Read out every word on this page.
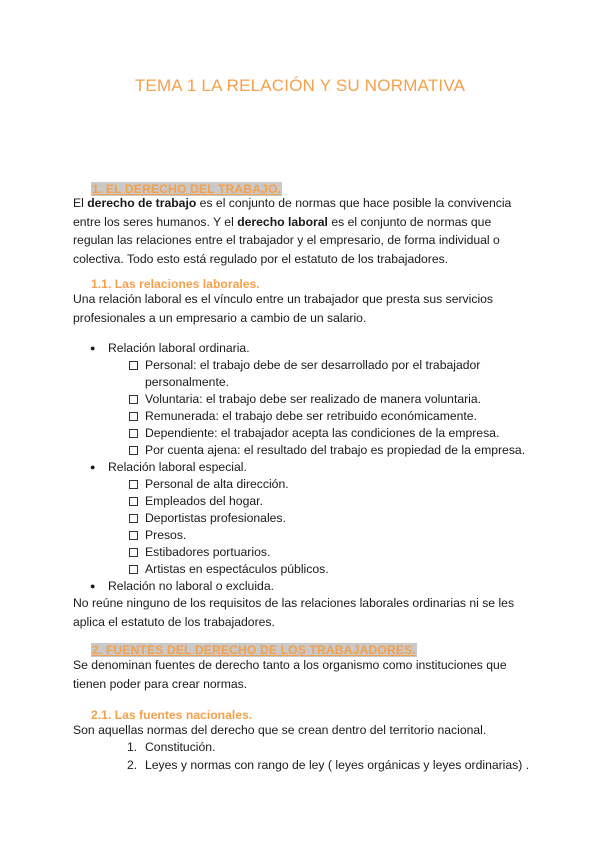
TEMA 1 LA RELACIÓN Y SU NORMATIVA
1. EL DERECHO DEL TRABAJO.
El derecho de trabajo es el conjunto de normas que hace posible la convivencia
entre los seres humanos. Y el derecho laboral es el conjunto de normas que
regulan las relaciones entre el trabajador y el empresario, de forma individual o
colectiva. Todo esto está regulado por el estatuto de los trabajadores.
1.1. Las relaciones laborales.
Una relación laboral es el vínculo entre un trabajador que presta sus servicios
profesionales a un empresario a cambio de un salario.
● Relación laboral ordinaria.
Personal: el trabajo debe de ser desarrollado por el trabajador
personalmente.
Voluntaria: el trabajo debe ser realizado de manera voluntaria.
Remunerada: el trabajo debe ser retribuido económicamente.
Dependiente: el trabajador acepta las condiciones de la empresa.
Por cuenta ajena: el resultado del trabajo es propiedad de la empresa.
● Relación laboral especial.
Personal de alta dirección.
Empleados del hogar.
Deportistas profesionales.
Presos.
Estibadores portuarios.
Artistas en espectáculos públicos.
● Relación no laboral o excluida.
No reúne ninguno de los requisitos de las relaciones laborales ordinarias ni se les
aplica el estatuto de los trabajadores.
2. FUENTES DEL DERECHO DE LOS TRABAJADORES.
Se denominan fuentes de derecho tanto a los organismo como instituciones que
tienen poder para crear normas.
2.1. Las fuentes nacionales.
Son aquellas normas del derecho que se crean dentro del territorio nacional.
1. Constitución.
2. Leyes y normas con rango de ley ( leyes orgánicas y leyes ordinarias) .
